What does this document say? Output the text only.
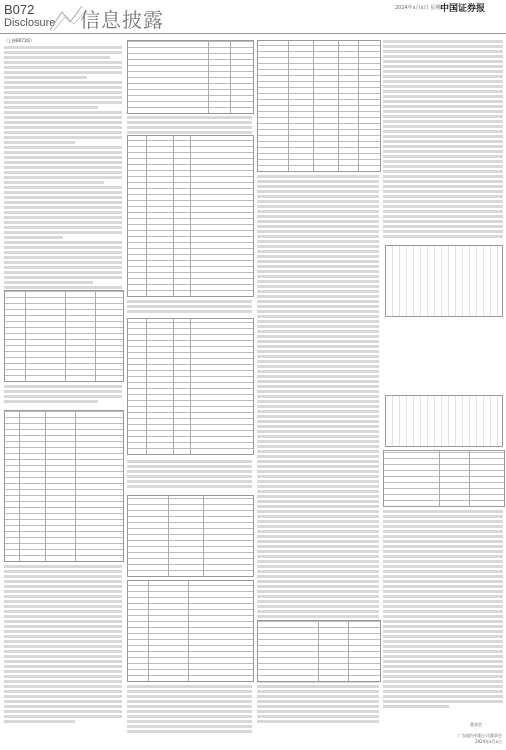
B072
Disclosure 信息披露	2024年x月x日 星期x
中国证券报
（上接B071版）
董事会
广东股份有限公司董事会
2024年x月x日
